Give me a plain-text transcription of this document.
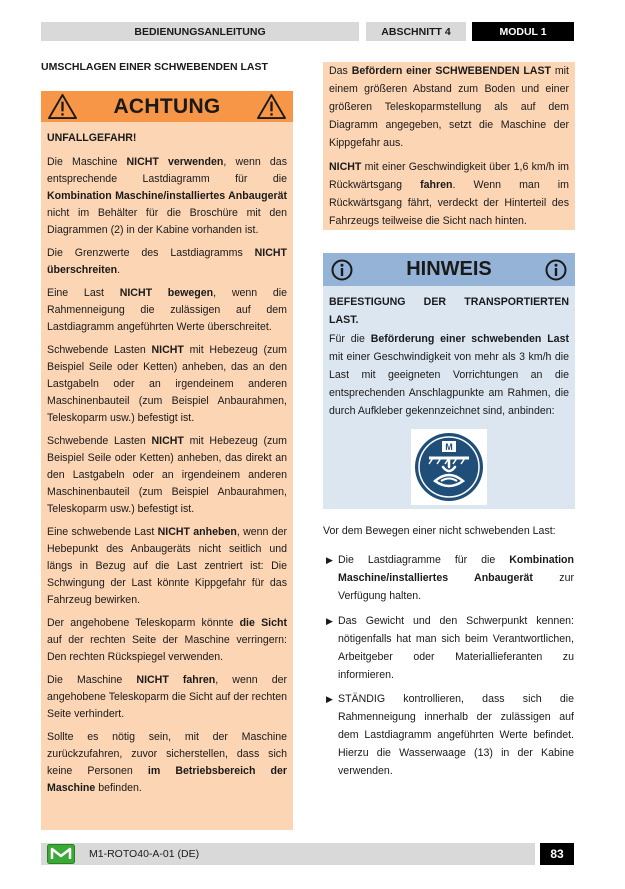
BEDIENUNGSANLEITUNG	ABSCHNITT 4	MODUL 1
UMSCHLAGEN EINER SCHWEBENDEN LAST
ACHTUNG

UNFALLGEFAHR!

Die Maschine NICHT verwenden, wenn das entsprechende Lastdiagramm für die Kombination Maschine/installiertes Anbaugerät nicht im Behälter für die Broschüre mit den Diagrammen (2) in der Kabine vorhanden ist.

Die Grenzwerte des Lastdiagramms NICHT überschreiten.

Eine Last NICHT bewegen, wenn die Rahmenneigung die zulässigen auf dem Lastdiagramm angeführten Werte überschreitet.

Schwebende Lasten NICHT mit Hebezeug (zum Beispiel Seile oder Ketten) anheben, das an den Lastgabeln oder an irgendeinem anderen Maschinenbauteil (zum Beispiel Anbaurahmen, Teleskoparm usw.) befestigt ist.

Schwebende Lasten NICHT mit Hebezeug (zum Beispiel Seile oder Ketten) anheben, das direkt an den Lastgabeln oder an irgendeinem anderen Maschinenbauteil (zum Beispiel Anbaurahmen, Teleskoparm usw.) befestigt ist.

Eine schwebende Last NICHT anheben, wenn der Hebepunkt des Anbaugeräts nicht seitlich und längs in Bezug auf die Last zentriert ist: Die Schwingung der Last könnte Kippgefahr für das Fahrzeug bewirken.

Der angehobene Teleskoparm könnte die Sicht auf der rechten Seite der Maschine verringern: Den rechten Rückspiegel verwenden.

Die Maschine NICHT fahren, wenn der angehobene Teleskoparm die Sicht auf der rechten Seite verhindert.

Sollte es nötig sein, mit der Maschine zurückzufahren, zuvor sicherstellen, dass sich keine Personen im Betriebsbereich der Maschine befinden.

Das Befördern einer SCHWEBENDEN LAST mit einem größeren Abstand zum Boden und einer größeren Teleskoparmstellung als auf dem Diagramm angegeben, setzt die Maschine der Kippgefahr aus.

NICHT mit einer Geschwindigkeit über 1,6 km/h im Rückwärtsgang fahren. Wenn man im Rückwärtsgang fährt, verdeckt der Hinterteil des Fahrzeugs teilweise die Sicht nach hinten.

HINWEIS

BEFESTIGUNG DER TRANSPORTIERTEN LAST.

Für die Beförderung einer schwebenden Last mit einer Geschwindigkeit von mehr als 3 km/h die Last mit geeigneten Vorrichtungen an die entsprechenden Anschlagpunkte am Rahmen, die durch Aufkleber gekennzeichnet sind, anbinden:

M
Vor dem Bewegen einer nicht schwebenden Last:
▶ Die Lastdiagramme für die Kombination Maschine/installiertes Anbaugerät zur Verfügung halten.

▶ Das Gewicht und den Schwerpunkt kennen: nötigenfalls hat man sich beim Verantwortlichen, Arbeitgeber oder Materiallieferanten zu informieren.

▶ STÄNDIG kontrollieren, dass sich die Rahmenneigung innerhalb der zulässigen auf dem Lastdiagramm angeführten Werte befindet. Hierzu die Wasserwaage (13) in der Kabine verwenden.

M1-ROTO40-A-01 (DE)	83
